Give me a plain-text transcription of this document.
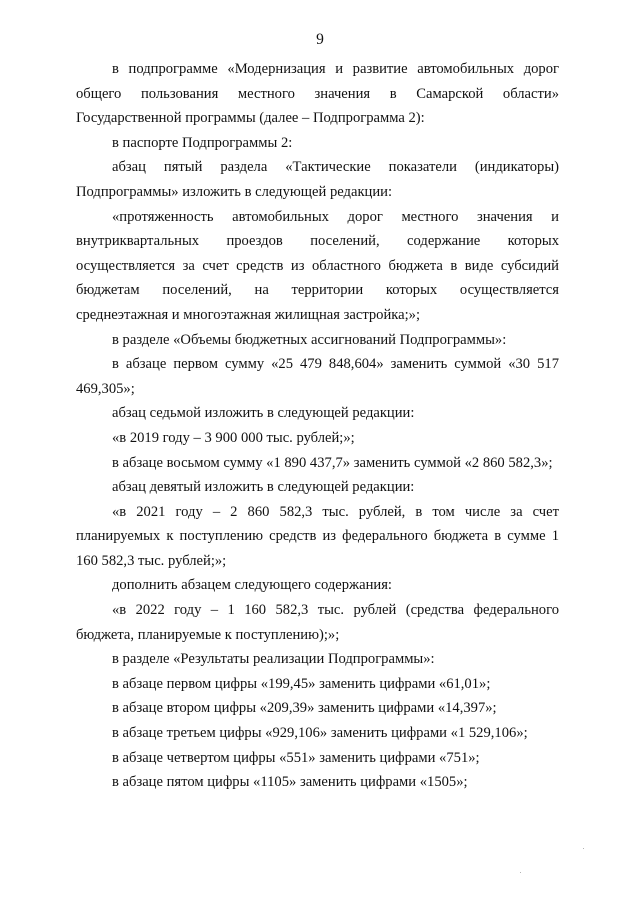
9

в подпрограмме «Модернизация и развитие автомобильных дорог общего пользования местного значения в Самарской области» Государственной программы (далее – Подпрограмма 2):

в паспорте Подпрограммы 2:

абзац пятый раздела «Тактические показатели (индикаторы) Подпрограммы» изложить в следующей редакции:

«протяженность автомобильных дорог местного значения и внутриквартальных проездов поселений, содержание которых осуществляется за счет средств из областного бюджета в виде субсидий бюджетам поселений, на территории которых осуществляется среднеэтажная и многоэтажная жилищная застройка;»;

в разделе «Объемы бюджетных ассигнований Подпрограммы»:

в абзаце первом сумму «25 479 848,604» заменить суммой «30 517 469,305»;

абзац седьмой изложить в следующей редакции:

«в 2019 году – 3 900 000 тыс. рублей;»;

в абзаце восьмом сумму «1 890 437,7» заменить суммой «2 860 582,3»;

абзац девятый изложить в следующей редакции:

«в 2021 году – 2 860 582,3 тыс. рублей, в том числе за счет планируемых к поступлению средств из федерального бюджета в сумме 1 160 582,3 тыс. рублей;»;

дополнить абзацем следующего содержания:

«в 2022 году – 1 160 582,3 тыс. рублей (средства федерального бюджета, планируемые к поступлению);»;

в разделе «Результаты реализации Подпрограммы»:

в абзаце первом цифры «199,45» заменить цифрами «61,01»;

в абзаце втором цифры «209,39» заменить цифрами «14,397»;

в абзаце третьем цифры «929,106» заменить цифрами «1 529,106»;

в абзаце четвертом цифры «551» заменить цифрами «751»;

в абзаце пятом цифры «1105» заменить цифрами «1505»;
